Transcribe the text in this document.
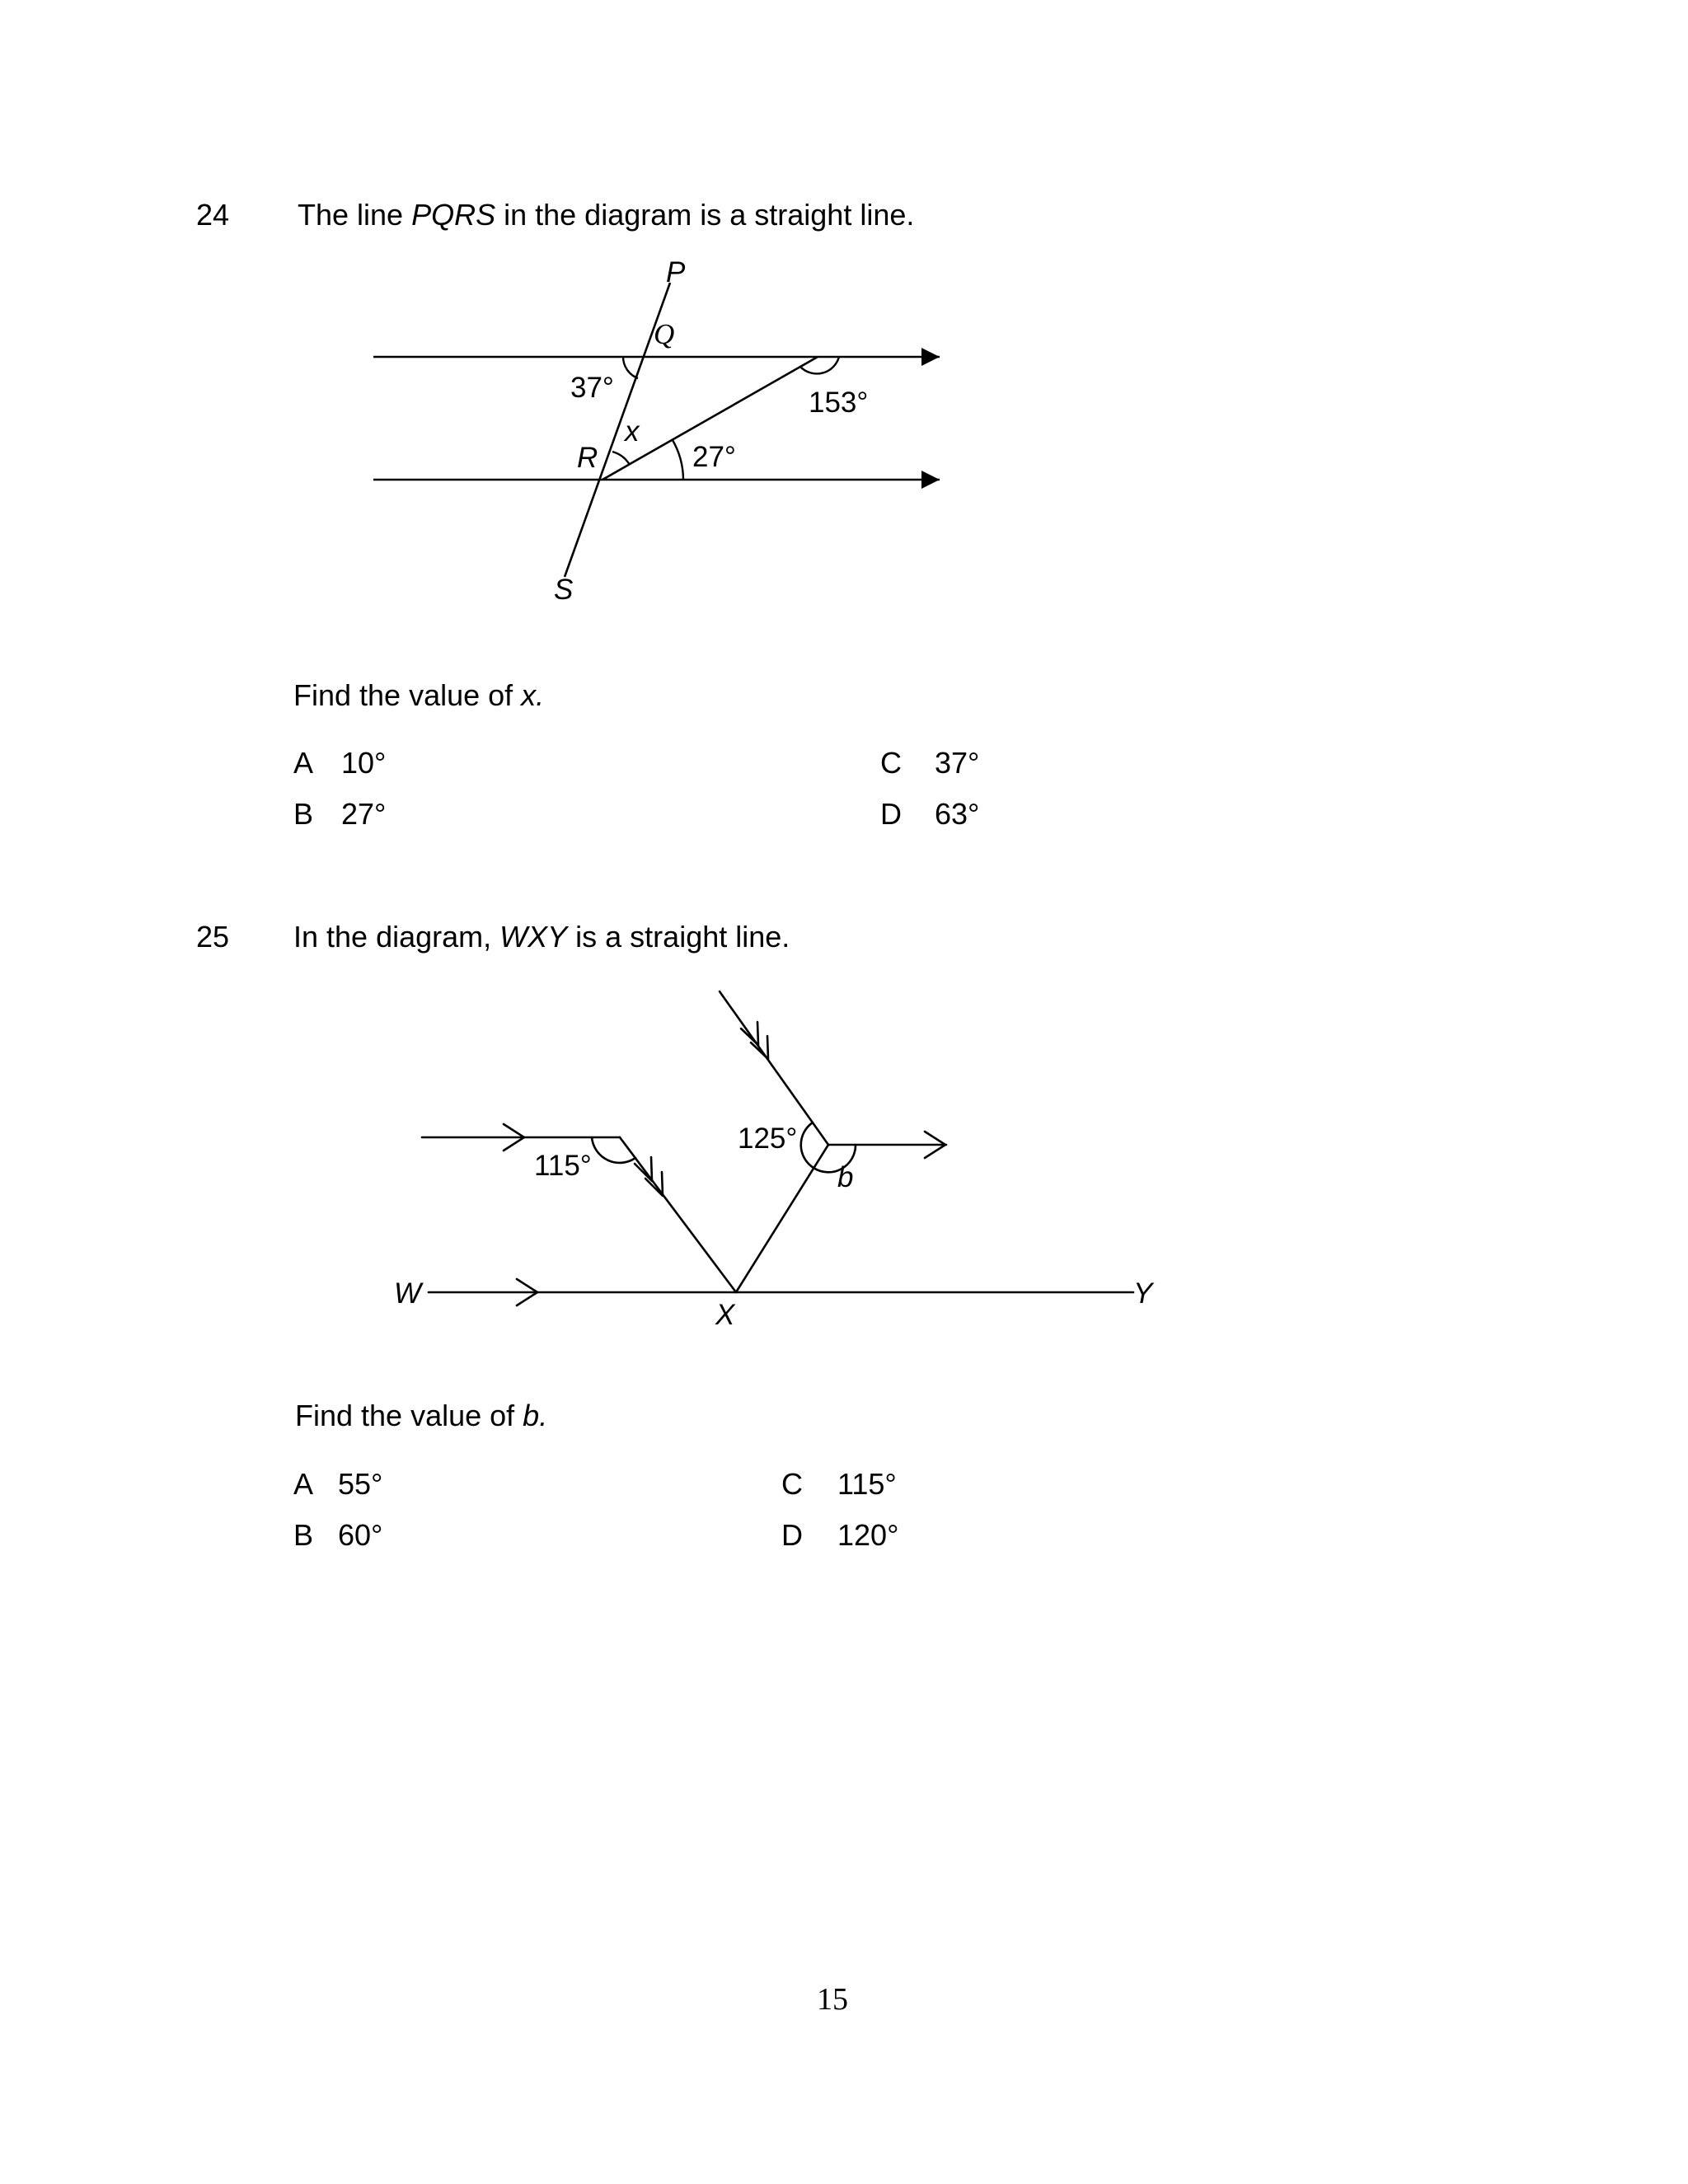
24 The line PQRS in the diagram is a straight line.
P
Q
37°	153°
x
R	27°
S
Find the value of x.
A 10°
B 27°
C 37°
D 63°
25 In the diagram, WXY is a straight line.
115°
125°
b
W
X
Y
Find the value of b.
A 55°
B 60°
C 115°
D 120°
15
